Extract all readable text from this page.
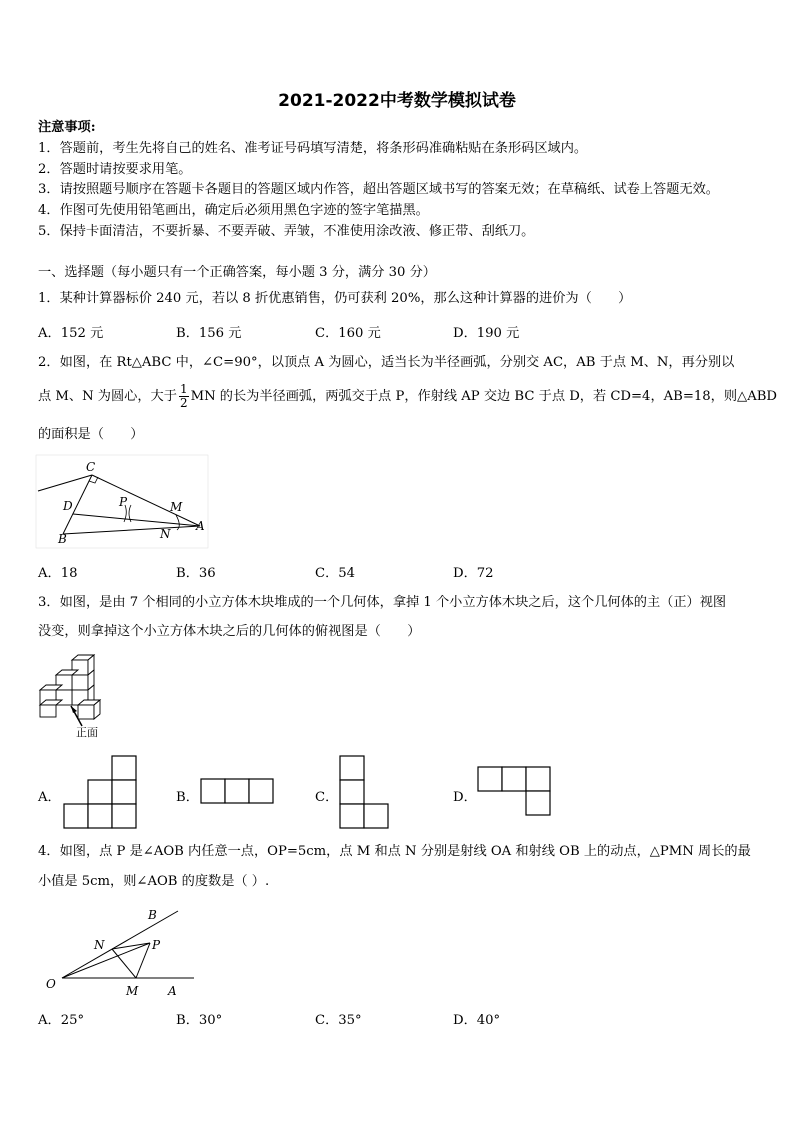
2021-2022中考数学模拟试卷
注意事项:
1．答题前，考生先将自己的姓名、准考证号码填写清楚，将条形码准确粘贴在条形码区域内。
2．答题时请按要求用笔。
3．请按照题号顺序在答题卡各题目的答题区域内作答，超出答题区域书写的答案无效；在草稿纸、试卷上答题无效。
4．作图可先使用铅笔画出，确定后必须用黑色字迹的签字笔描黑。
5．保持卡面清洁，不要折暴、不要弄破、弄皱，不准使用涂改液、修正带、刮纸刀。
一、选择题（每小题只有一个正确答案，每小题 3 分，满分 30 分）
1．某种计算器标价 240 元，若以 8 折优惠销售，仍可获利 20%，那么这种计算器的进价为（　　）
A．152 元	B．156 元	C．160 元	D．190 元
2．如图，在 Rt△ABC 中，∠C=90°，以顶点 A 为圆心，适当长为半径画弧，分别交 AC，AB 于点 M、N，再分别以
点 M、N 为圆心，大于 $\frac{1}{2}$ MN 的长为半径画弧，两弧交于点 P，作射线 AP 交边 BC 于点 D，若 CD=4，AB=18，则△ABD
的面积是（　　）
C
D	P	M
A
B	N
A．18	B．36	C．54	D．72
3．如图，是由 7 个相同的小立方体木块堆成的一个几何体，拿掉 1 个小立方体木块之后，这个几何体的主（正）视图
没变，则拿掉这个小立方体木块之后的几何体的俯视图是（　　）
正面
A．	B．	C．	D．
4．如图，点 P 是∠AOB 内任意一点，OP=5cm，点 M 和点 N 分别是射线 OA 和射线 OB 上的动点，△PMN 周长的最
小值是 5cm，则∠AOB 的度数是（ ）.
B
N	P
O	M A
A．25°	B．30°	C．35°	D．40°
